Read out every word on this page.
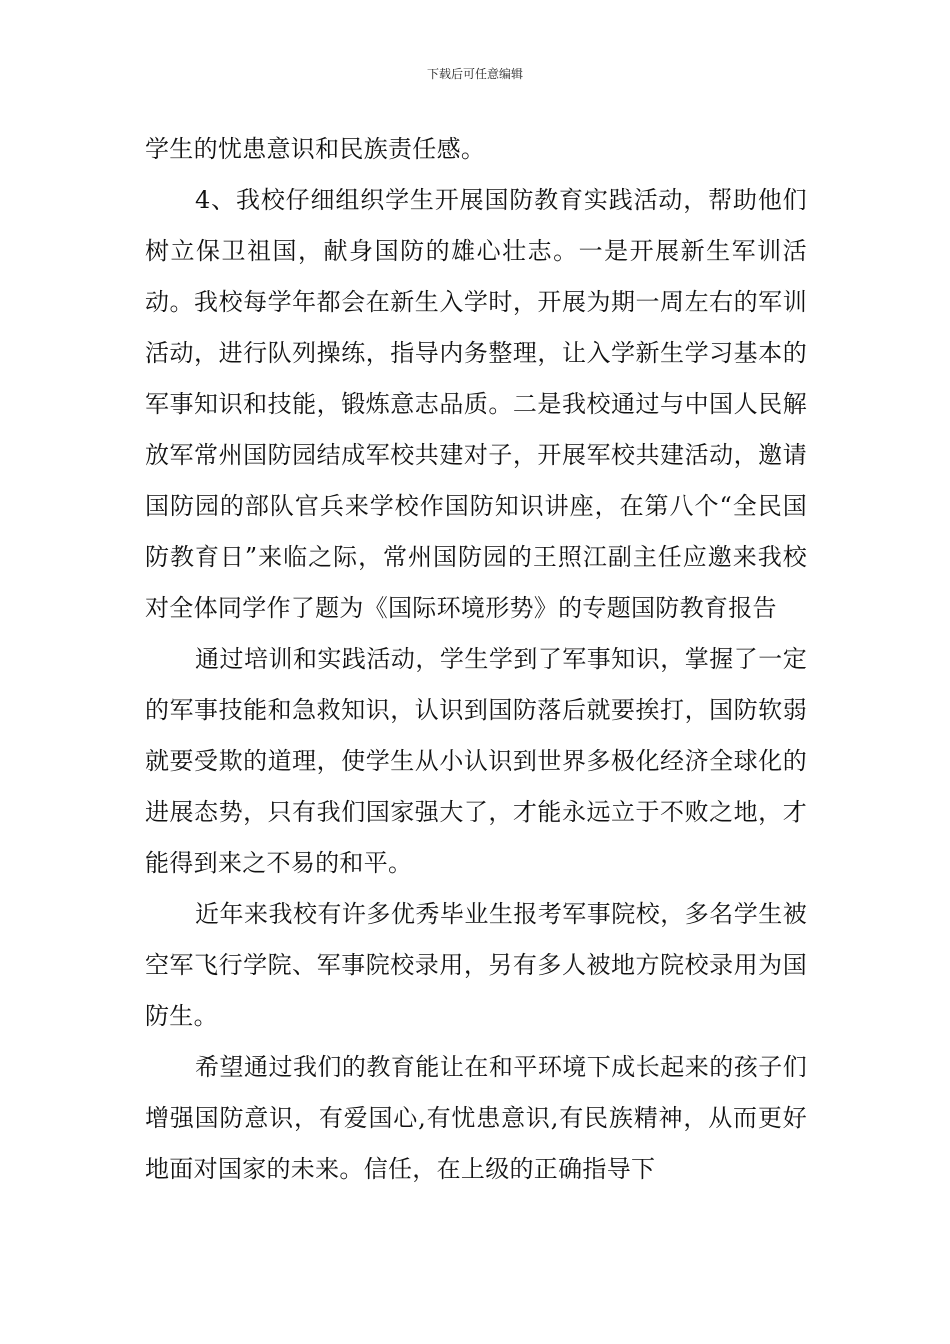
下载后可任意编辑

学生的忧患意识和民族责任感。

4、我校仔细组织学生开展国防教育实践活动，帮助他们树立保卫祖国，献身国防的雄心壮志。一是开展新生军训活动。我校每学年都会在新生入学时，开展为期一周左右的军训活动，进行队列操练，指导内务整理，让入学新生学习基本的军事知识和技能，锻炼意志品质。二是我校通过与中国人民解放军常州国防园结成军校共建对子，开展军校共建活动，邀请国防园的部队官兵来学校作国防知识讲座，在第八个“全民国防教育日”来临之际，常州国防园的王照江副主任应邀来我校对全体同学作了题为《国际环境形势》的专题国防教育报告

通过培训和实践活动，学生学到了军事知识，掌握了一定的军事技能和急救知识，认识到国防落后就要挨打，国防软弱就要受欺的道理，使学生从小认识到世界多极化经济全球化的进展态势，只有我们国家强大了，才能永远立于不败之地，才能得到来之不易的和平。

近年来我校有许多优秀毕业生报考军事院校，多名学生被空军飞行学院、军事院校录用，另有多人被地方院校录用为国防生。

希望通过我们的教育能让在和平环境下成长起来的孩子们增强国防意识，有爱国心,有忧患意识,有民族精神，从而更好地面对国家的未来。信任，在上级的正确指导下
